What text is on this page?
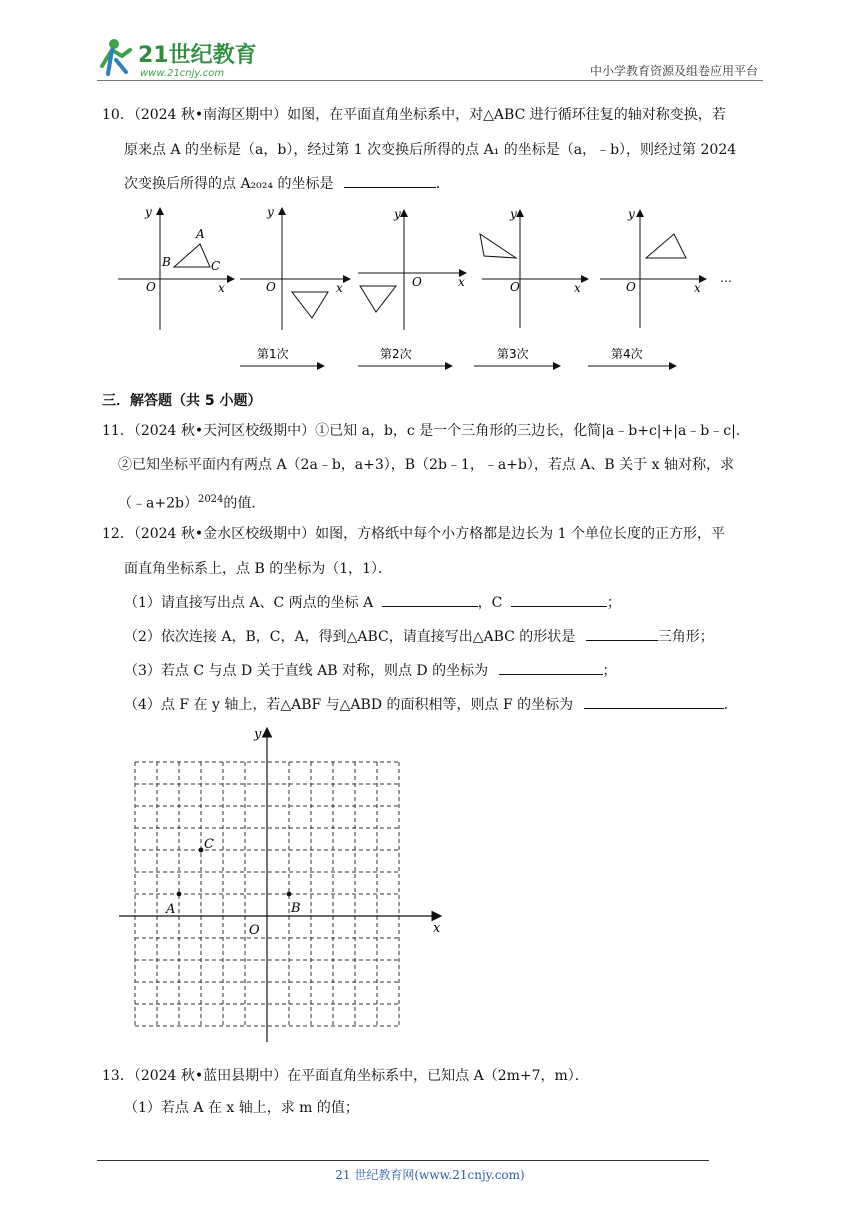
21世纪教育
www.21cnjy.com	中小学教育资源及组卷应用平台
10．（2024 秋•南海区期中）如图，在平面直角坐标系中，对△ABC 进行循环往复的轴对称变换，若
原来点 A 的坐标是（a，b），经过第 1 次变换后所得的点 A₁ 的坐标是（a，﹣b），则经过第 2024
次变换后所得的点 A₂₀₂₄ 的坐标是	．
y
x
O
A
B	C
y
x
O
y
x
O
y
x
O
y
x
O
…
第1次	第2次	第3次	第4次
三．解答题（共 5 小题）
11．（2024 秋•天河区校级期中）①已知 a，b，c 是一个三角形的三边长，化简|a﹣b+c|+|a﹣b﹣c|．
②已知坐标平面内有两点 A（2a﹣b，a+3），B（2b﹣1，﹣a+b），若点 A、B 关于 x 轴对称，求
（﹣a+2b）$^{2024}$的值．
12．（2024 秋•金水区校级期中）如图，方格纸中每个小方格都是边长为 1 个单位长度的正方形，平
面直角坐标系上，点 B 的坐标为（1，1）．
（1）请直接写出点 A、C 两点的坐标 A	，C	；
（2）依次连接 A，B，C，A，得到△ABC，请直接写出△ABC 的形状是	三角形；
（3）若点 C 与点 D 关于直线 AB 对称，则点 D 的坐标为	；
（4）点 F 在 y 轴上，若△ABF 与△ABD 的面积相等，则点 F 的坐标为	．
y
x
O
A	B
C
13．（2024 秋•蓝田县期中）在平面直角坐标系中，已知点 A（2m+7，m）．
（1）若点 A 在 x 轴上，求 m 的值；
21 世纪教育网(www.21cnjy.com)
